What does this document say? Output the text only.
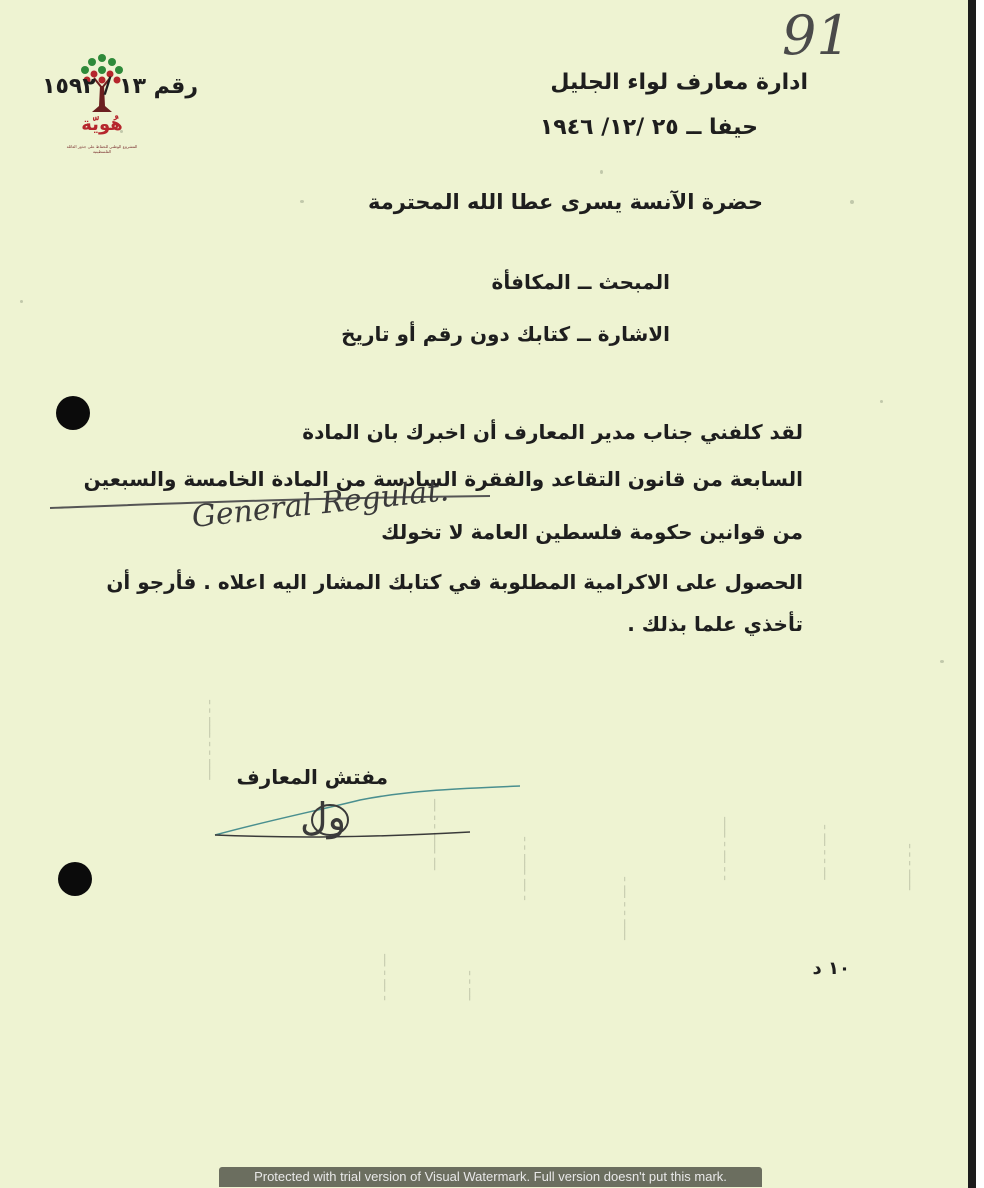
ـــــ ـ ـ ـــــ ـ ـ
ـــ ـــــ ـ ـ ـــ	ـ ـــ ـــــ ـ ـ
ـــــ ـ ـ ـــ ـ
ـ ـ ـــ ـ ـــــ	ـــ ـ ـ ـــ ـ	ـــــ ـ ـ ـ
ـ ـــ ـ ـــ	ـــ ـ ـ
91
هُويّة
المشروع الوطني للحفاظ على جذور العائلة الفلسطينية
ادارة معارف لواء الجليل
حيفا ــ ٢٥ /١٢/ ١٩٤٦
رقم ١٣ / ١٥٩٢
حضرة الآنسة يسرى عطا الله المحترمة
المبحث ــ المكافأة
الاشارة ــ كتابك دون رقم أو تاريخ
لقد كلفني جناب مدير المعارف أن اخبرك بان المادة
السابعة من قانون التقاعد والفقرة السادسة من المادة الخامسة والسبعين
من قوانين حكومة فلسطين العامة لا تخولك
الحصول على الاكرامية المطلوبة في كتابك المشار اليه اعلاه . فأرجو أن
تأخذي علما بذلك .
General Regulat.
مفتش المعارف
ول
١٠ د
Protected with trial version of Visual Watermark. Full version doesn't put this mark.
